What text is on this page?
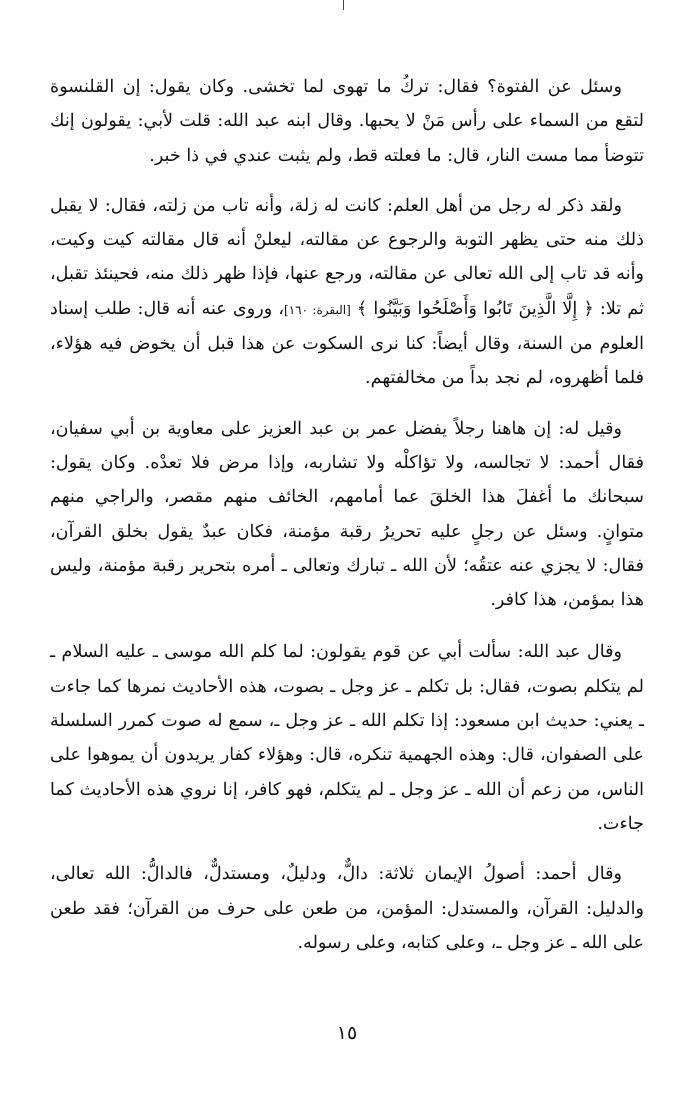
وسئل عن الفتوة؟ فقال: تركُ ما تهوى لما تخشى. وكان يقول: إن القلنسوة لتقع من السماء على رأس مَنْ لا يحبها. وقال ابنه عبد الله: قلت لأبي: يقولون إنك تتوضأ مما مست النار، قال: ما فعلته قط، ولم يثبت عندي في ذا خبر.

ولقد ذكر له رجل من أهل العلم: كانت له زلة، وأنه تاب من زلته، فقال: لا يقبل ذلك منه حتى يظهر التوبة والرجوع عن مقالته، ليعلنْ أنه قال مقالته كيت وكيت، وأنه قد تاب إلى الله تعالى عن مقالته، ورجع عنها، فإذا ظهر ذلك منه، فحينئذ تقبل، ثم تلا: ﴿ إِلَّا الَّذِينَ تَابُوا وَأَصْلَحُوا وَبَيَّنُوا ﴾ [البقرة: ١٦٠]، وروى عنه أنه قال: طلب إسناد العلوم من السنة، وقال أيضاً: كنا نرى السكوت عن هذا قبل أن يخوض فيه هؤلاء، فلما أظهروه، لم نجد بداً من مخالفتهم.

وقيل له: إن هاهنا رجلاً يفضل عمر بن عبد العزيز على معاوية بن أبي سفيان، فقال أحمد: لا تجالسه، ولا تؤاكلْه ولا تشاربه، وإذا مرض فلا تعدْه. وكان يقول: سبحانك ما أغفلَ هذا الخلقَ عما أمامهم، الخائف منهم مقصر، والراجي منهم متوانٍ. وسئل عن رجلٍ عليه تحريرُ رقبة مؤمنة، فكان عبدٌ يقول بخلق القرآن، فقال: لا يجزي عنه عتقُه؛ لأن الله ـ تبارك وتعالى ـ أمره بتحرير رقبة مؤمنة، وليس هذا بمؤمن، هذا كافر.

وقال عبد الله: سألت أبي عن قوم يقولون: لما كلم الله موسى ـ عليه السلام ـ لم يتكلم بصوت، فقال: بل تكلم ـ عز وجل ـ بصوت، هذه الأحاديث نمرها كما جاءت ـ يعني: حديث ابن مسعود: إذا تكلم الله ـ عز وجل ـ، سمع له صوت كمرر السلسلة على الصفوان، قال: وهذه الجهمية تنكره، قال: وهؤلاء كفار يريدون أن يموهوا على الناس، من زعم أن الله ـ عز وجل ـ لم يتكلم، فهو كافر، إنا نروي هذه الأحاديث كما جاءت.

وقال أحمد: أصولُ الإيمان ثلاثة: دالٌّ، ودليلٌ، ومستدلٌّ، فالدالُّ: الله تعالى، والدليل: القرآن، والمستدل: المؤمن، من طعن على حرف من القرآن؛ فقد طعن على الله ـ عز وجل ـ، وعلى كتابه، وعلى رسوله.

١٥
